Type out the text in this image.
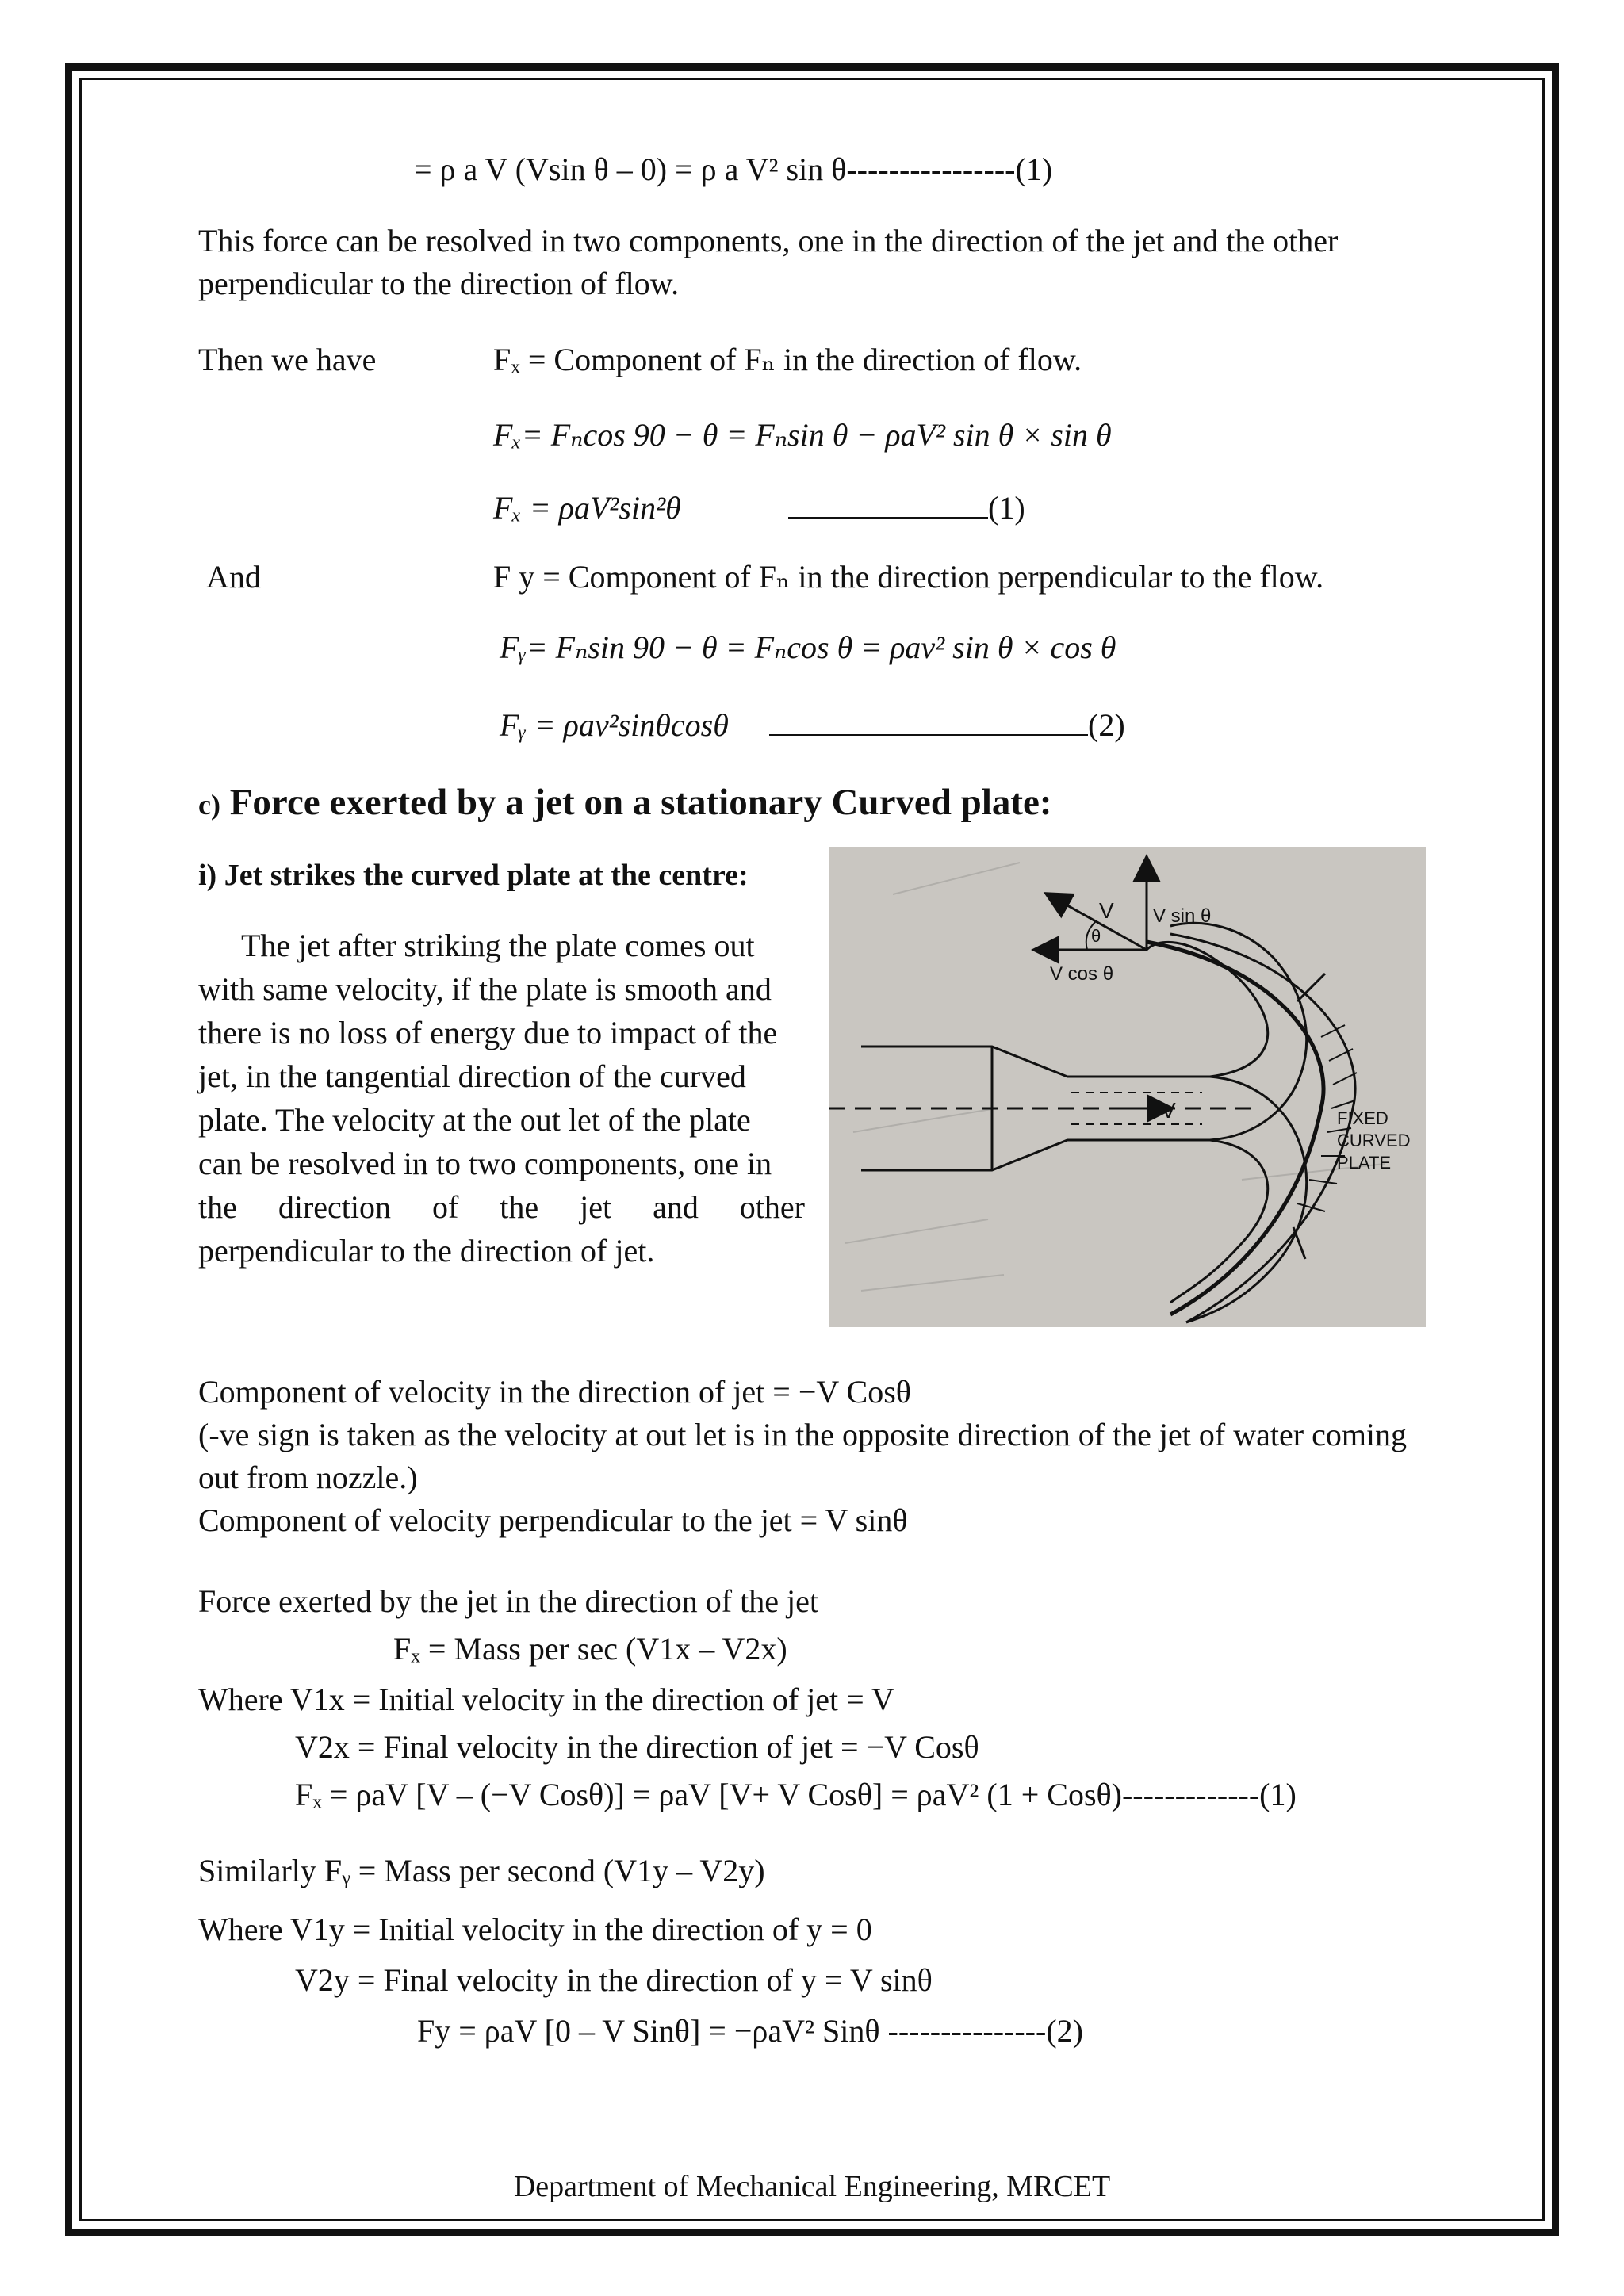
= ρ a V (Vsin θ – 0) = ρ a V² sin θ----------------(1)
This force can be resolved in two components, one in the direction of the jet and the other
perpendicular to the direction of flow.
Then we have	Fₓ = Component of Fₙ in the direction of flow.
Fₓ= Fₙcos 90 − θ = Fₙsin θ − ρaV² sin θ × sin θ
Fₓ = ρaV²sin²θ	(1)
And	F y = Component of Fₙ in the direction perpendicular to the flow.
Fᵧ= Fₙsin 90 − θ = Fₙcos θ = ρav² sin θ × cos θ
Fᵧ = ρav²sinθcosθ	(2)
c) Force exerted by a jet on a stationary Curved plate:
i) Jet strikes the curved plate at the centre:
The jet after striking the plate comes out
with same velocity, if the plate is smooth and
there is no loss of energy due to impact of the
jet, in the tangential direction of the curved
plate. The velocity at the out let of the plate
can be resolved in to two components, one in
the direction of the jet and other
perpendicular to the direction of jet.
V V sin θ
θ
V cos θ
V	FIXED
CURVED
PLATE
Component of velocity in the direction of jet = −V Cosθ
(-ve sign is taken as the velocity at out let is in the opposite direction of the jet of water coming
out from nozzle.)
Component of velocity perpendicular to the jet = V sinθ
Force exerted by the jet in the direction of the jet
Fₓ = Mass per sec (V1x – V2x)
Where V1x = Initial velocity in the direction of jet = V
V2x = Final velocity in the direction of jet = −V Cosθ
Fₓ = ρaV [V – (−V Cosθ)] = ρaV [V+ V Cosθ] = ρaV² (1 + Cosθ)-------------(1)
Similarly Fᵧ = Mass per second (V1y – V2y)
Where V1y = Initial velocity in the direction of y = 0
V2y = Final velocity in the direction of y = V sinθ
Fy = ρaV [0 – V Sinθ] = −ρaV² Sinθ ---------------(2)
Department of Mechanical Engineering, MRCET
